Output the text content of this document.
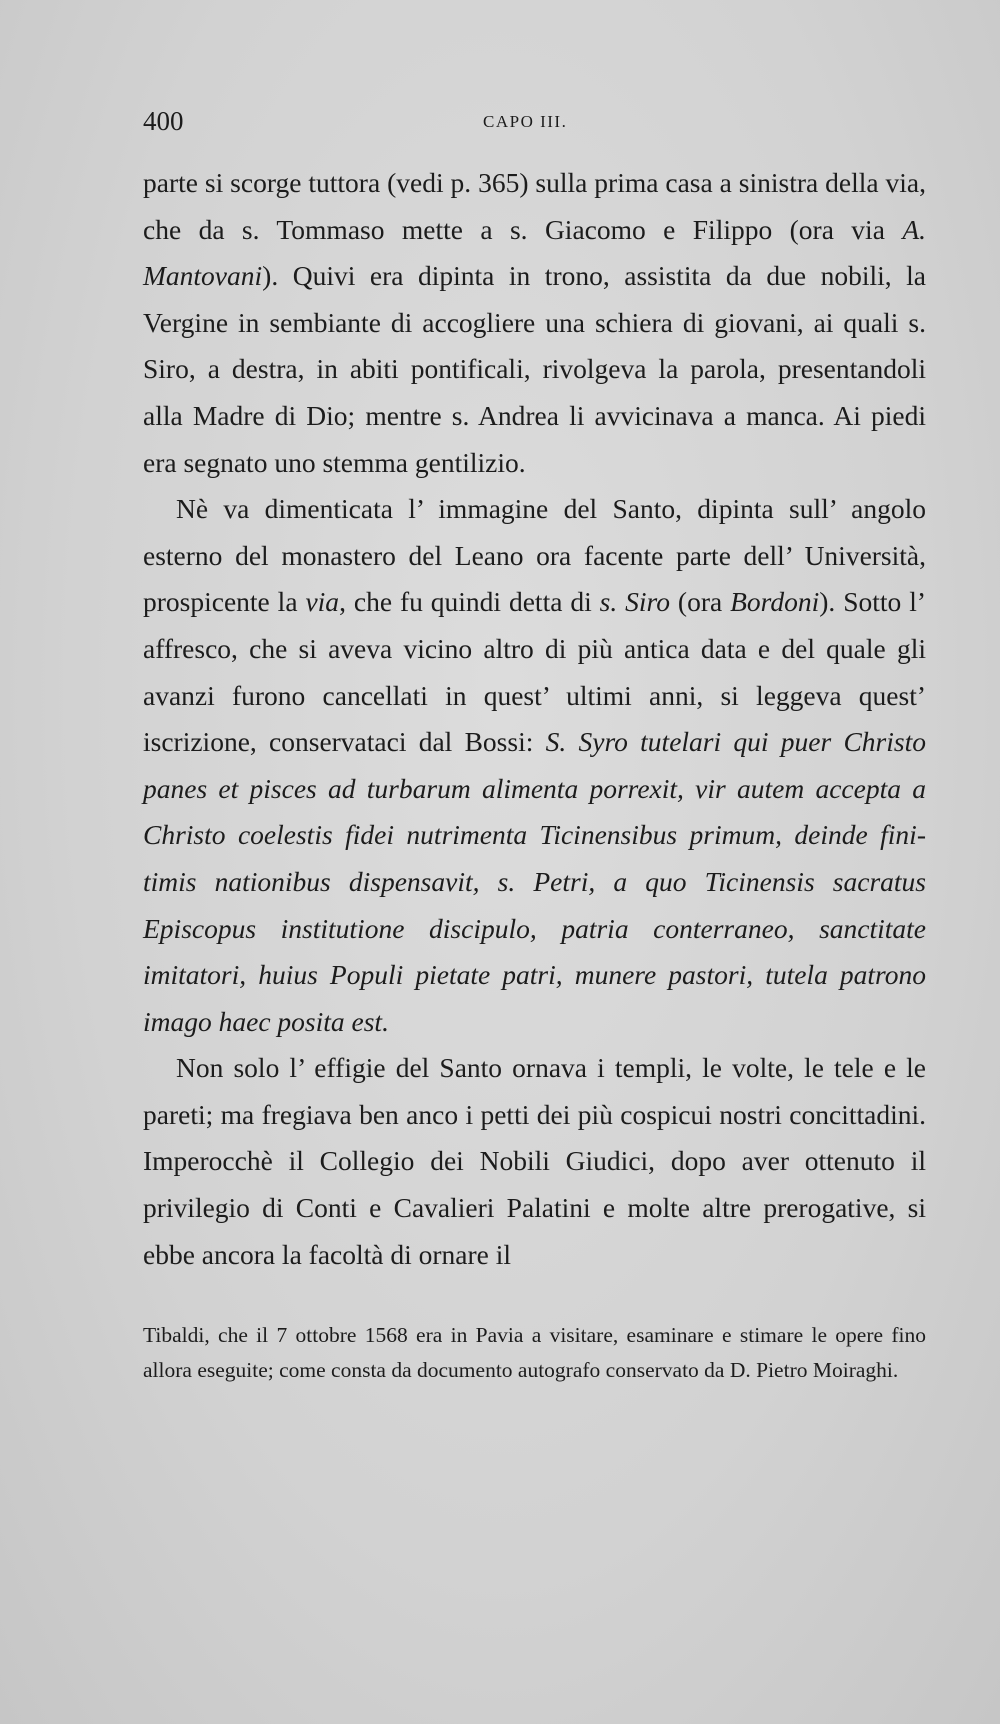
400	CAPO III.

parte si scorge tuttora (vedi p. 365) sulla prima casa a sinistra della via, che da s. Tommaso mette a s. Giacomo e Filippo (ora via A. Mantovani). Quivi era dipinta in trono, assistita da due nobili, la Vergine in sembiante di accogliere una schiera di giovani, ai quali s. Siro, a destra, in abiti pontificali, rivolgeva la parola, presentandoli alla Madre di Dio; mentre s. Andrea li avvicinava a manca. Ai piedi era segnato uno stemma gentilizio.

Nè va dimenticata l’ immagine del Santo, dipinta sull’ angolo esterno del monastero del Leano ora facente parte dell’ Università, prospicente la via, che fu quindi detta di s. Siro (ora Bordoni). Sotto l’ affresco, che si aveva vicino altro di più antica data e del quale gli avanzi furono cancellati in quest’ ultimi anni, si leggeva quest’ iscrizione, conservataci dal Bossi: S. Syro tutelari qui puer Christo panes et pisces ad turbarum alimenta porrexit, vir autem accepta a Christo coelestis fidei nutrimenta Ticinensibus primum, deinde finitimis nationibus dispensavit, s. Petri, a quo Ticinensis sacratus Episcopus institutione discipulo, patria conterraneo, sanctitate imitatori, huius Populi pietate patri, munere pastori, tutela patrono imago haec posita est.

Non solo l’ effigie del Santo ornava i templi, le volte, le tele e le pareti; ma fregiava ben anco i petti dei più cospicui nostri concittadini. Imperocchè il Collegio dei Nobili Giudici, dopo aver ottenuto il privilegio di Conti e Cavalieri Palatini e molte altre prerogative, si ebbe ancora la facoltà di ornare il

Tibaldi, che il 7 ottobre 1568 era in Pavia a visitare, esaminare e stimare le opere fino allora eseguite; come consta da documento autografo conservato da D. Pietro Moiraghi.
